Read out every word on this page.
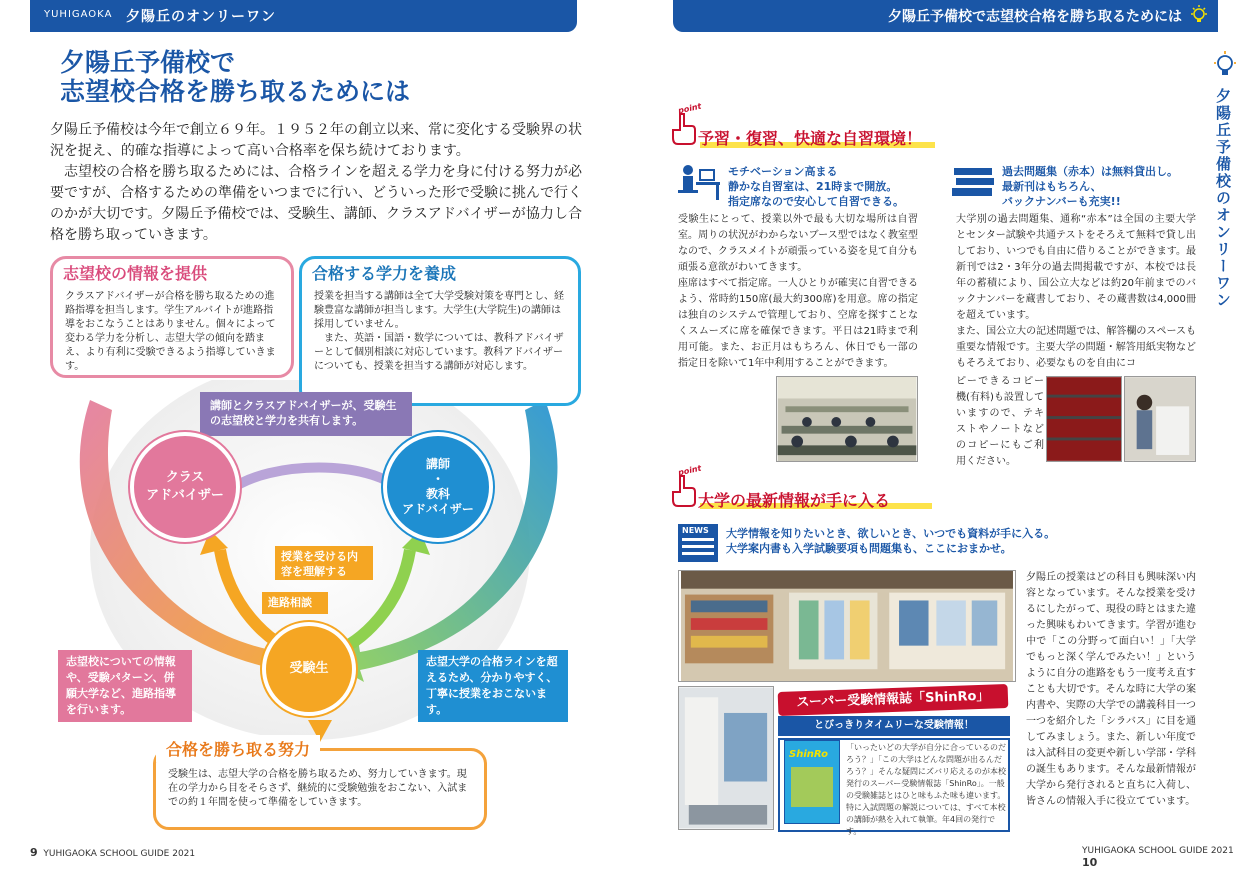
YUHIGAOKA 夕陽丘のオンリーワン	夕陽丘予備校で志望校合格を勝ち取るためには
夕陽丘予備校で
志望校合格を勝ち取るためには

夕陽丘予備校は今年で創立６９年。１９５２年の創立以来、常に変化する受験界の状況を捉え、的確な指導によって高い合格率を保ち続けております。

志望校の合格を勝ち取るためには、合格ラインを超える学力を身に付ける努力が必要ですが、合格するための準備をいつまでに行い、どういった形で受験に挑んで行くのかが大切です。夕陽丘予備校では、受験生、講師、クラスアドバイザーが協力し合格を勝ち取っていきます。

志望校の情報を提供
クラスアドバイザーが合格を勝ち取るための進路指導を担当します。学生アルバイトが進路指導をおこなうことはありません。個々によって変わる学力を分析し、志望大学の傾向を踏まえ、より有利に受験できるよう指導していきます。
合格する学力を養成
授業を担当する講師は全て大学受験対策を専門とし、経験豊富な講師が担当します。大学生(大学院生)の講師は採用していません。
また、英語・国語・数学については、教科アドバイザーとして個別相談に対応しています。教科アドバイザーについても、授業を担当する講師が対応します。
講師とクラスアドバイザーが、受験生の志望校と学力を共有します。
クラス
アドバイザー
講師
・
教科
アドバイザー
受験生
授業を受ける内容を理解する
進路相談
志望校についての情報や、受験パターン、併願大学など、進路指導を行います。
志望大学の合格ラインを超えるため、分かりやすく、丁寧に授業をおこないます。
合格を勝ち取る努力
受験生は、志望大学の合格を勝ち取るため、努力していきます。現在の学力から目をそらさず、継続的に受験勉強をおこない、入試までの約１年間を使って準備をしていきます。
9 YUHIGAOKA SCHOOL GUIDE 2021
夕陽丘予備校のオンリーワン
point
予習・復習、快適な自習環境！
モチベーション高まる
静かな自習室は、21時まで開放。
指定席なので安心して自習できる。
受験生にとって、授業以外で最も大切な場所は自習室。周りの状況がわからないブース型ではなく教室型なので、クラスメイトが頑張っている姿を見て自分も頑張る意欲がわいてきます。
座席はすべて指定席。一人ひとりが確実に自習できるよう、常時約150席(最大約300席)を用意。席の指定は独自のシステムで管理しており、空席を探すことなくスムーズに席を確保できます。平日は21時まで利用可能。また、お正月はもちろん、休日でも一部の指定日を除いて1年中利用することができます。
過去問題集（赤本）は無料貸出し。
最新刊はもちろん、
バックナンバーも充実!!
大学別の過去問題集、通称“赤本”は全国の主要大学とセンター試験や共通テストをそろえて無料で貸し出しており、いつでも自由に借りることができます。最新刊では2・3年分の過去問掲載ですが、本校では長年の蓄積により、国公立大などは約20年前までのバックナンバーを蔵書しており、その蔵書数は4,000冊を超えています。
また、国公立大の記述問題では、解答欄のスペースも重要な情報です。主要大学の問題・解答用紙実物などもそろえており、必要なものを自由にコ
ピーできるコピー機(有料)も設置していますので、テキストやノートなどのコピーにもご利用ください。
point
大学の最新情報が手に入る
NEWS 大学情報を知りたいとき、欲しいとき、いつでも資料が手に入る。
大学案内書も入学試験要項も問題集も、ここにおまかせ。
スーパー受験情報誌「ShinRo」
とびっきりタイムリーな受験情報！
ShinRo
「いったいどの大学が自分に合っているのだろう？」「この大学はどんな問題が出るんだろう？」そんな疑問にズバリ応えるのが本校発行のスーパー受験情報誌「ShinRo」。一般の受験雑誌とはひと味もふた味も違います。特に入試問題の解説については、すべて本校の講師が熱を入れて執筆。年4回の発行です。
夕陽丘の授業はどの科目も興味深い内容となっています。そんな授業を受けるにしたがって、現役の時とはまた違った興味もわいてきます。学習が進む中で「この分野って面白い！」「大学でもっと深く学んでみたい！」というように自分の進路をもう一度考え直すことも大切です。そんな時に大学の案内書や、実際の大学での講義科目一つ一つを紹介した「シラバス」に目を通してみましょう。また、新しい年度では入試科目の変更や新しい学部・学科の誕生もあります。そんな最新情報が大学から発行されると直ちに入荷し、皆さんの情報入手に役立てています。
YUHIGAOKA SCHOOL GUIDE 2021  10
